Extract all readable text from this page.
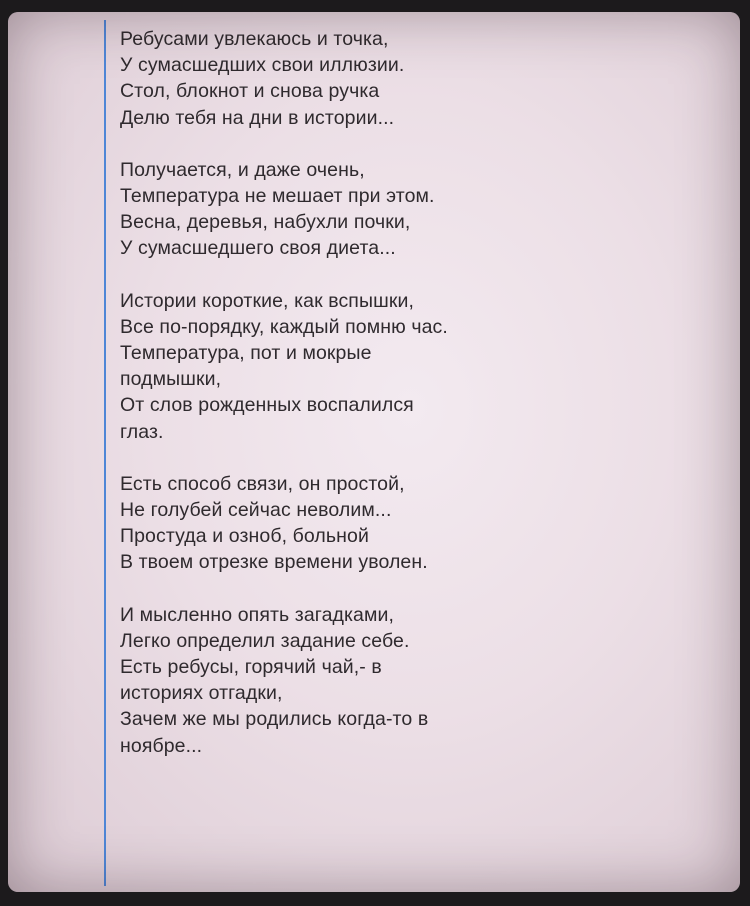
Ребусами увлекаюсь и точка,
У сумасшедших свои иллюзии.
Стол, блокнот и снова ручка
Делю тебя на дни в истории...
Получается, и даже очень,
Температура не мешает при этом.
Весна, деревья, набухли почки,
У сумасшедшего своя диета...
Истории короткие, как вспышки,
Все по-порядку, каждый помню час.
Температура, пот и мокрые
подмышки,
От слов рожденных воспалился
глаз.
Есть способ связи, он простой,
Не голубей сейчас неволим...
Простуда и озноб, больной
В твоем отрезке времени уволен.
И мысленно опять загадками,
Легко определил задание себе.
Есть ребусы, горячий чай,- в
историях отгадки,
Зачем же мы родились когда-то в
ноябре...
